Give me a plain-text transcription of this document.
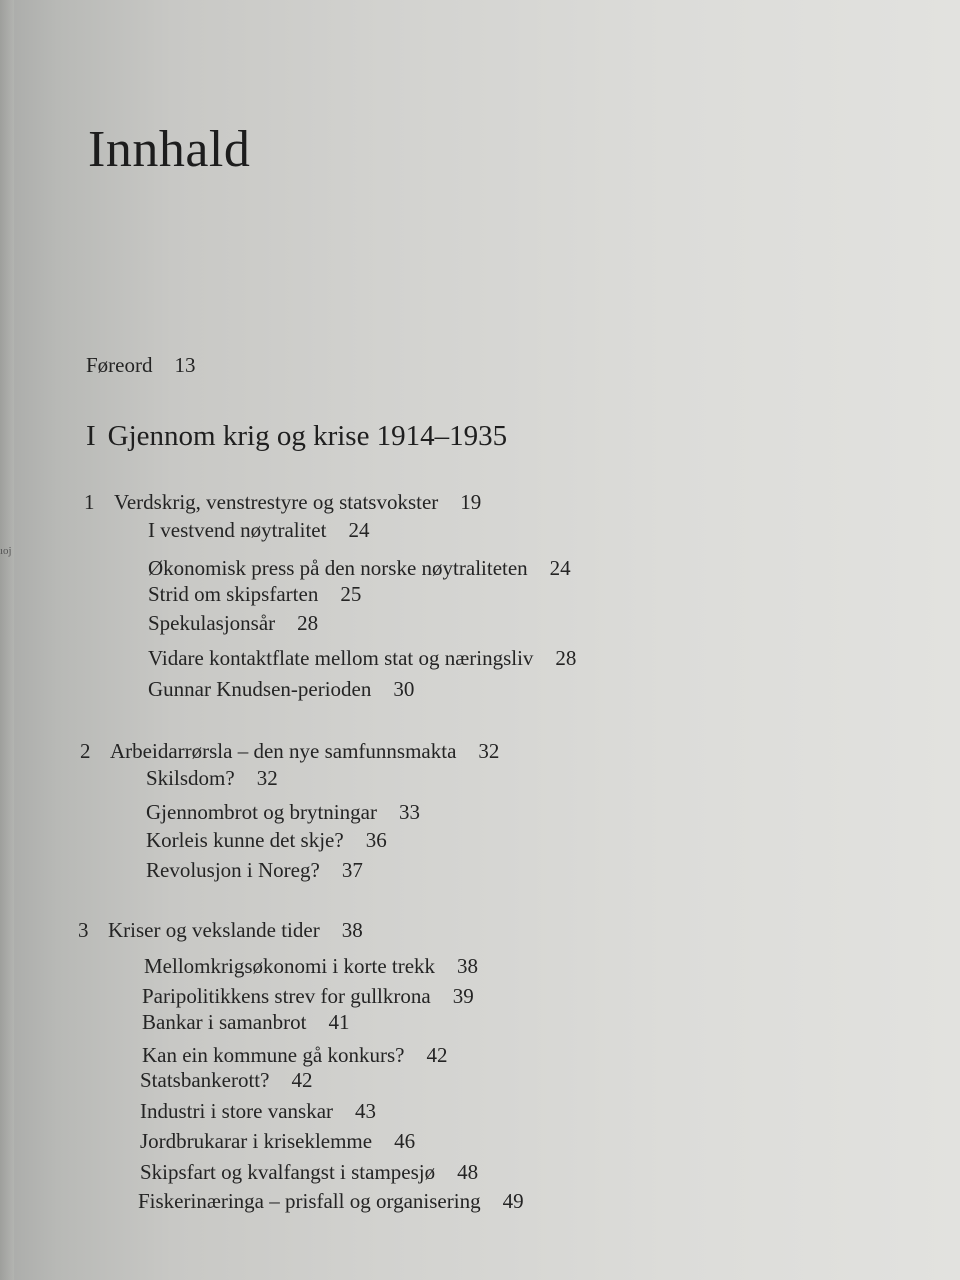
ıoj
Innhald
Føreord 13
I Gjennom krig og krise 1914–1935
1 Verdskrig, venstrestyre og statsvokster 19
I vestvend nøytralitet 24
Økonomisk press på den norske nøytraliteten 24
Strid om skipsfarten 25
Spekulasjonsår 28
Vidare kontaktflate mellom stat og næringsliv 28
Gunnar Knudsen-perioden 30
2 Arbeidarrørsla – den nye samfunnsmakta 32
Skilsdom? 32
Gjennombrot og brytningar 33
Korleis kunne det skje? 36
Revolusjon i Noreg? 37
3 Kriser og vekslande tider 38
Mellomkrigsøkonomi i korte trekk 38
Paripolitikkens strev for gullkrona 39
Bankar i samanbrot 41
Kan ein kommune gå konkurs? 42
Statsbankerott? 42
Industri i store vanskar 43
Jordbrukarar i kriseklemme 46
Skipsfart og kvalfangst i stampesjø 48
Fiskerinæringa – prisfall og organisering 49
